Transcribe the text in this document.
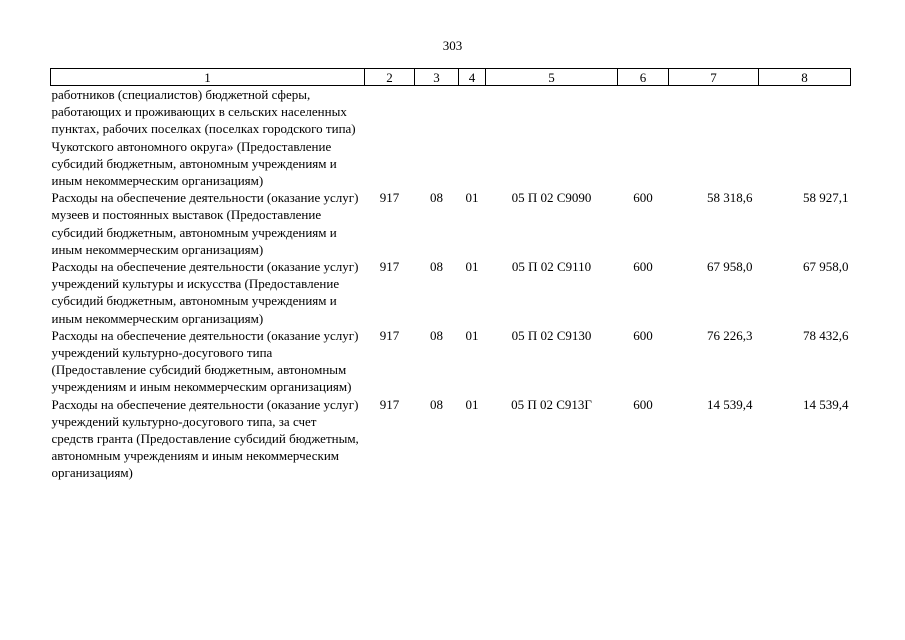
303
1	2	3	4	5	6	7	8
работников (специалистов) бюджетной сферы, работающих и проживающих в сельских населенных пунктах, рабочих поселках (поселках городского типа) Чукотского автономного округа» (Предоставление субсидий бюджетным, автономным учреждениям и иным некоммерческим организациям)							
Расходы на обеспечение деятельности (оказание услуг) музеев и постоянных выставок (Предоставление субсидий бюджетным, автономным учреждениям и иным некоммерческим организациям)	917	08	01	05 П 02 С9090	600	58 318,6	58 927,1
Расходы на обеспечение деятельности (оказание услуг) учреждений культуры и искусства (Предоставление субсидий бюджетным, автономным учреждениям и иным некоммерческим организациям)	917	08	01	05 П 02 С9110	600	67 958,0	67 958,0
Расходы на обеспечение деятельности (оказание услуг) учреждений культурно-досугового типа (Предоставление субсидий бюджетным, автономным учреждениям и иным некоммерческим организациям)	917	08	01	05 П 02 С9130	600	76 226,3	78 432,6
Расходы на обеспечение деятельности (оказание услуг) учреждений культурно-досугового типа, за счет средств гранта (Предоставление субсидий бюджетным, автономным учреждениям и иным некоммерческим организациям)	917	08	01	05 П 02 С913Г	600	14 539,4	14 539,4
